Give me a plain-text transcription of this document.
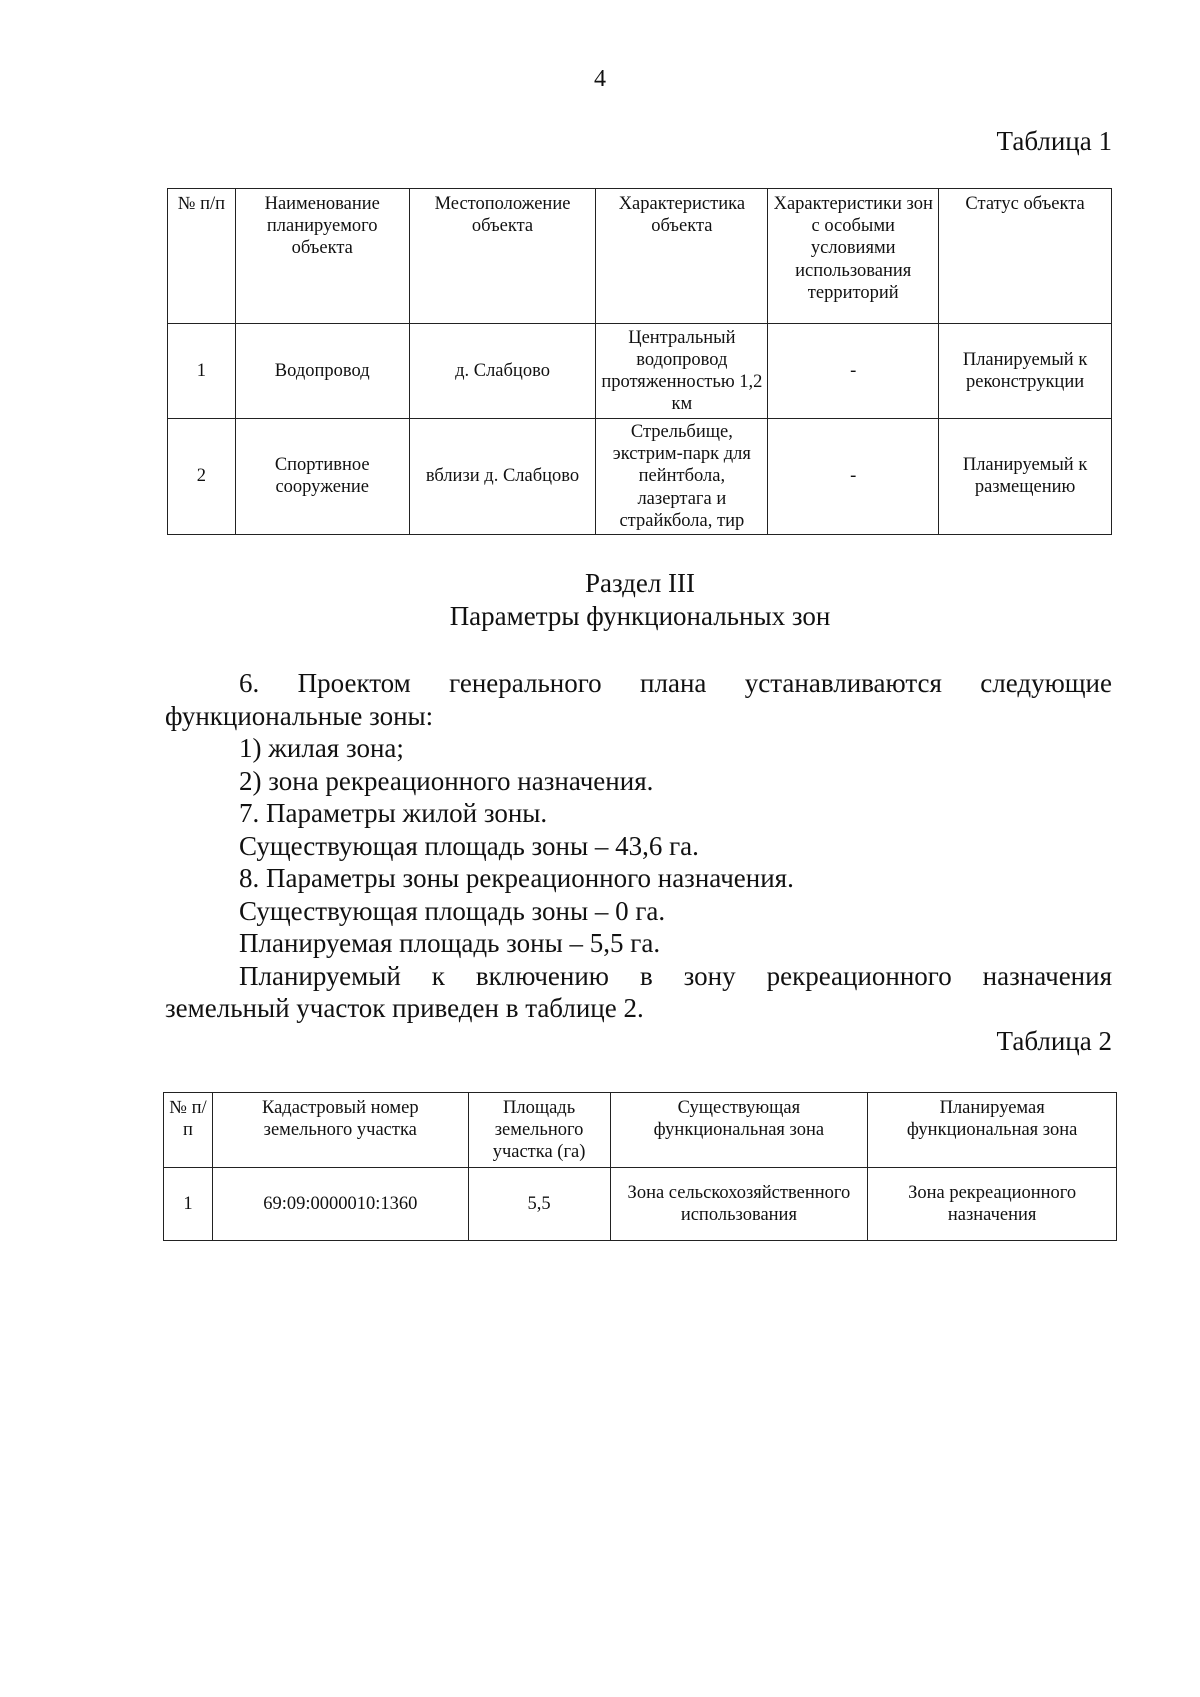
4
Таблица 1
№ п/п	Наименование планируемого объекта	Местоположение объекта	Характеристика объекта	Характеристики зон с особыми условиями использования территорий	Статус объекта
1	Водопровод	д. Слабцово	Центральный водопровод протяженностью 1,2 км	-	Планируемый к реконструкции
2	Спортивное сооружение	вблизи д. Слабцово	Стрельбище, экстрим-парк для пейнтбола, лазертага и страйкбола, тир	-	Планируемый к размещению
Раздел III
Параметры функциональных зон

6. Проектом генерального плана устанавливаются следующие

функциональные зоны:

1) жилая зона;

2) зона рекреационного назначения.

7. Параметры жилой зоны.

Существующая площадь зоны – 43,6 га.

8. Параметры зоны рекреационного назначения.

Существующая площадь зоны – 0 га.

Планируемая площадь зоны – 5,5 га.

Планируемый к включению в зону рекреационного назначения

земельный участок приведен в таблице 2.

Таблица 2
№ п/п	Кадастровый номер земельного участка	Площадь земельного участка (га)	Существующая функциональная зона	Планируемая функциональная зона
1	69:09:0000010:1360	5,5	Зона сельскохозяйственного использования	Зона рекреационного назначения
